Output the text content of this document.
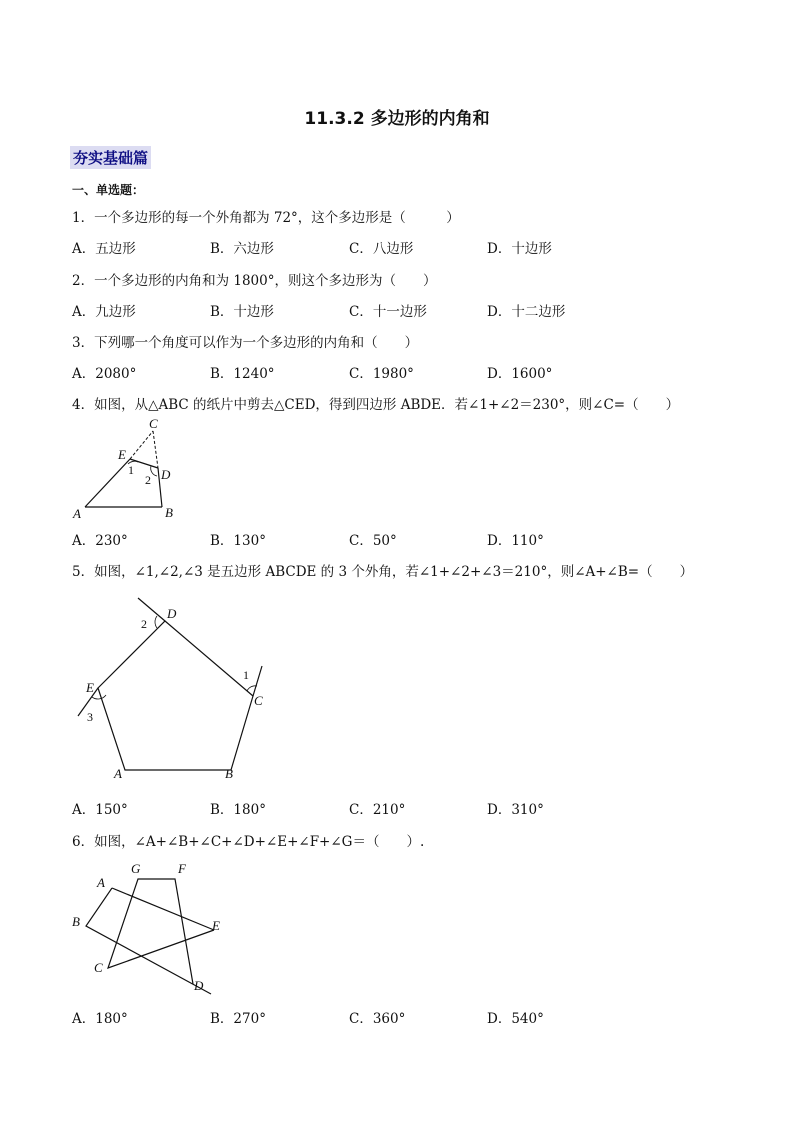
11.3.2 多边形的内角和
夯实基础篇
一、单选题：
1．一个多边形的每一个外角都为 72°，这个多边形是（　　　）
A．五边形	B．六边形	C．八边形	D．十边形
2．一个多边形的内角和为 1800°，则这个多边形为（　　）
A．九边形	B．十边形	C．十一边形	D．十二边形
3．下列哪一个角度可以作为一个多边形的内角和（　　）
A．2080°	B．1240°	C．1980°	D．1600°
4．如图，从△ABC 的纸片中剪去△CED，得到四边形 ABDE．若∠1+∠2＝230°，则∠C=（　　）
A	B
C
D
E
1
2
A．230°	B．130°	C．50°	D．110°
5．如图，∠1,∠2,∠3 是五边形 ABCDE 的 3 个外角，若∠1+∠2+∠3＝210°，则∠A+∠B=（　　）
A	B
C
D
E
1
2
3
A．150°	B．180°	C．210°	D．310°
6．如图，∠A+∠B+∠C+∠D+∠E+∠F+∠G＝（　　）.
A
B
C
D
E
F
G
A．180°	B．270°	C．360°	D．540°
